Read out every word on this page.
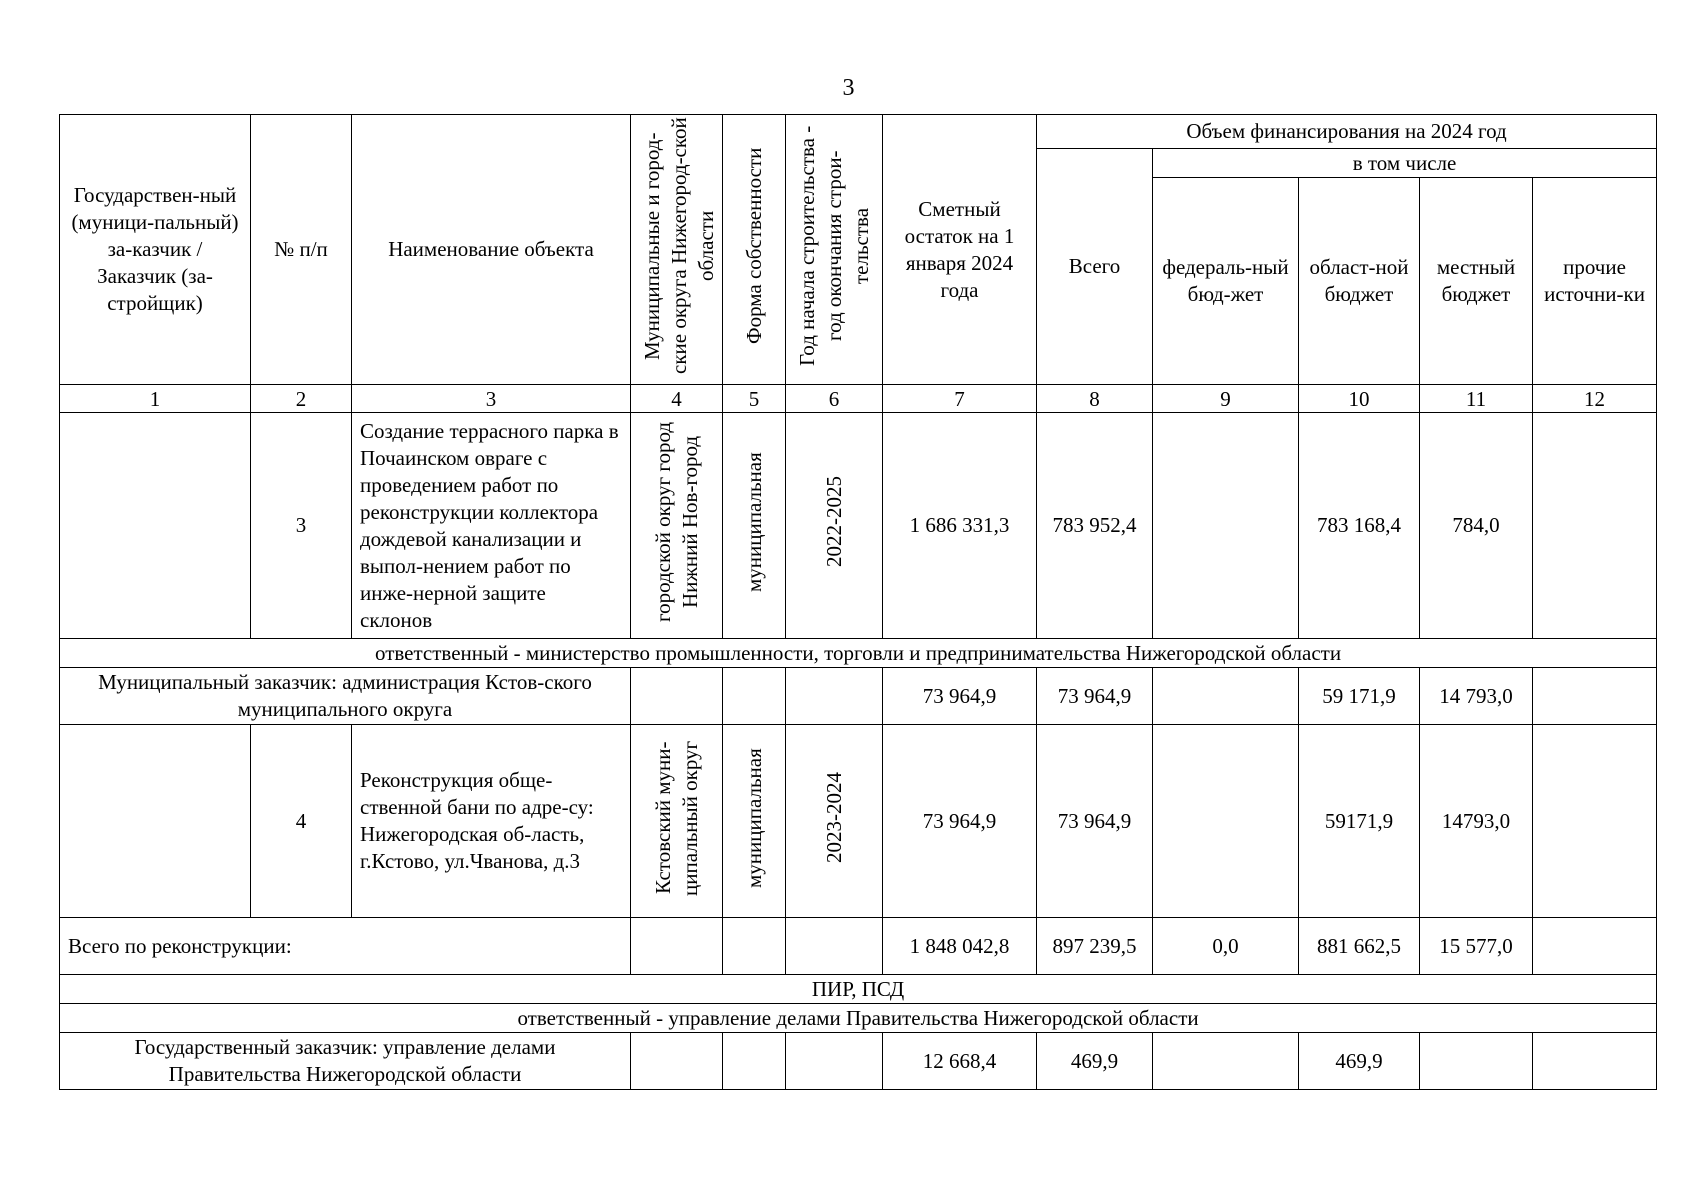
3
Государствен-ный (муници-пальный) за-казчик / Заказчик (за-стройщик)	№ п/п	Наименование объекта	Муниципальные и город-ские округа Нижегород-ской области	Форма собственности	Год начала строительства - год окончания строи-тельства	Сметный остаток на 1 января 2024 года	Объем финансирования на 2024 год				
							Всего	в том числе			
								федераль-ный бюд-жет	област-ной бюджет	местный бюджет	прочие источни-ки
1	2	3	4	5	6	7	8	9	10	11	12
	3	Создание террасного парка в Почаинском овраге с проведением работ по реконструкции коллектора дождевой канализации и выпол-нением работ по инже-нерной защите склонов	городской округ город Нижний Нов-город	муниципальная	2022-2025	1 686 331,3	783 952,4		783 168,4	784,0	
ответственный - министерство промышленности, торговли и предпринимательства Нижегородской области											
Муниципальный заказчик: администрация Кстов-ского муниципального округа						73 964,9	73 964,9		59 171,9	14 793,0	
	4	Реконструкция обще-ственной бани по адре-су: Нижегородская об-ласть, г.Кстово, ул.Чванова, д.3	Кстовский муни-ципальный округ	муниципальная	2023-2024	73 964,9	73 964,9		59171,9	14793,0	
Всего по реконструкции:						1 848 042,8	897 239,5	0,0	881 662,5	15 577,0	
ПИР, ПСД											
ответственный - управление делами Правительства Нижегородской области											
Государственный заказчик: управление делами Правительства Нижегородской области						12 668,4	469,9		469,9		
